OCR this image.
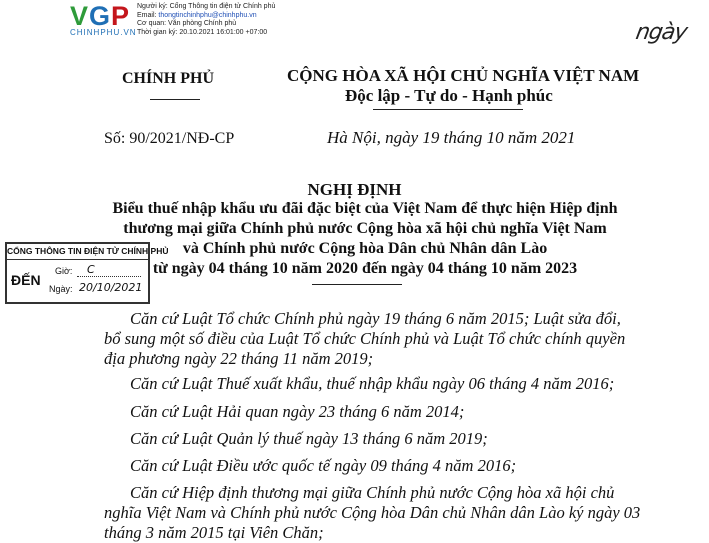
VGP
CHINHPHU.VN
Người ký: Cổng Thông tin điện tử Chính phủ
Email: thongtinchinhphu@chinhphu.vn
Cơ quan: Văn phòng Chính phủ
Thời gian ký: 20.10.2021 16:01:00 +07:00	ngày
CHÍNH PHỦ	CỘNG HÒA XÃ HỘI CHỦ NGHĨA VIỆT NAM
Độc lập - Tự do - Hạnh phúc
Số: 90/2021/NĐ-CP	Hà Nội, ngày 19 tháng 10 năm 2021
NGHỊ ĐỊNH
Biểu thuế nhập khẩu ưu đãi đặc biệt của Việt Nam để thực hiện Hiệp định
thương mại giữa Chính phủ nước Cộng hòa xã hội chủ nghĩa Việt Nam
và Chính phủ nước Cộng hòa Dân chủ Nhân dân Lào
từ ngày 04 tháng 10 năm 2020 đến ngày 04 tháng 10 năm 2023
CỔNG THÔNG TIN ĐIỆN TỬ CHÍNH PHỦ
ĐẾN
Giờ: C
Ngày: 20/10/2021
Căn cứ Luật Tổ chức Chính phủ ngày 19 tháng 6 năm 2015; Luật sửa đổi,
bổ sung một số điều của Luật Tổ chức Chính phủ và Luật Tổ chức chính quyền
địa phương ngày 22 tháng 11 năm 2019;
Căn cứ Luật Thuế xuất khẩu, thuế nhập khẩu ngày 06 tháng 4 năm 2016;
Căn cứ Luật Hải quan ngày 23 tháng 6 năm 2014;
Căn cứ Luật Quản lý thuế ngày 13 tháng 6 năm 2019;
Căn cứ Luật Điều ước quốc tế ngày 09 tháng 4 năm 2016;
Căn cứ Hiệp định thương mại giữa Chính phủ nước Cộng hòa xã hội chủ
nghĩa Việt Nam và Chính phủ nước Cộng hòa Dân chủ Nhân dân Lào ký ngày 03
tháng 3 năm 2015 tại Viên Chăn;
